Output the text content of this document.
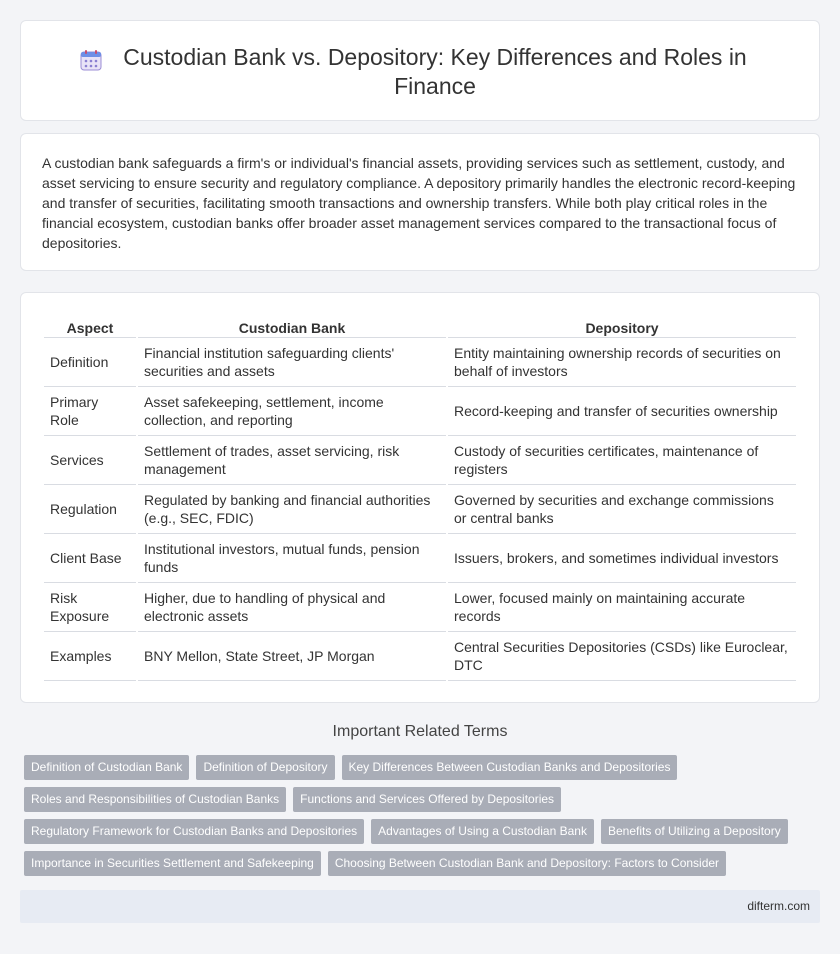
Custodian Bank vs. Depository: Key Differences and Roles in Finance

A custodian bank safeguards a firm's or individual's financial assets, providing services such as settlement, custody, and asset servicing to ensure security and regulatory compliance. A depository primarily handles the electronic record-keeping and transfer of securities, facilitating smooth transactions and ownership transfers. While both play critical roles in the financial ecosystem, custodian banks offer broader asset management services compared to the transactional focus of depositories.

Aspect	Custodian Bank	Depository
Definition	Financial institution safeguarding clients' securities and assets	Entity maintaining ownership records of securities on behalf of investors
Primary Role	Asset safekeeping, settlement, income collection, and reporting	Record-keeping and transfer of securities ownership
Services	Settlement of trades, asset servicing, risk management	Custody of securities certificates, maintenance of registers
Regulation	Regulated by banking and financial authorities (e.g., SEC, FDIC)	Governed by securities and exchange commissions or central banks
Client Base	Institutional investors, mutual funds, pension funds	Issuers, brokers, and sometimes individual investors
Risk Exposure	Higher, due to handling of physical and electronic assets	Lower, focused mainly on maintaining accurate records
Examples	BNY Mellon, State Street, JP Morgan	Central Securities Depositories (CSDs) like Euroclear, DTC
Important Related Terms
Definition of Custodian Bank	Definition of Depository	Key Differences Between Custodian Banks and Depositories
Roles and Responsibilities of Custodian Banks	Functions and Services Offered by Depositories
Regulatory Framework for Custodian Banks and Depositories	Advantages of Using a Custodian Bank	Benefits of Utilizing a Depository
Importance in Securities Settlement and Safekeeping	Choosing Between Custodian Bank and Depository: Factors to Consider
difterm.com
